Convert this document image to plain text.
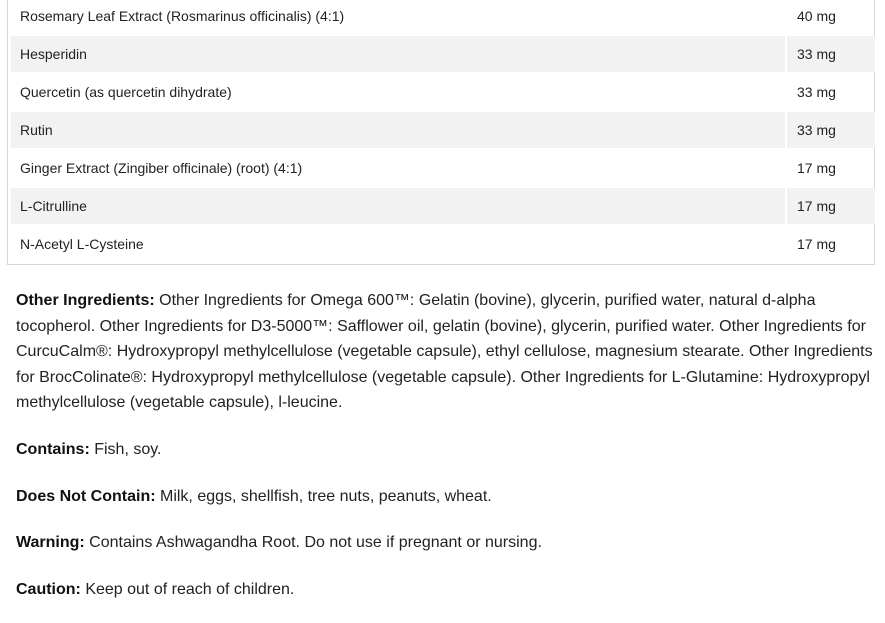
Rosemary Leaf Extract (Rosmarinus officinalis) (4:1)	40 mg
Hesperidin	33 mg
Quercetin (as quercetin dihydrate)	33 mg
Rutin	33 mg
Ginger Extract (Zingiber officinale) (root) (4:1)	17 mg
L-Citrulline	17 mg
N-Acetyl L-Cysteine	17 mg

Other Ingredients: Other Ingredients for Omega 600™: Gelatin (bovine), glycerin, purified water, natural d-alpha tocopherol. Other Ingredients for D3-5000™: Safflower oil, gelatin (bovine), glycerin, purified water. Other Ingredients for CurcuCalm®: Hydroxypropyl methylcellulose (vegetable capsule), ethyl cellulose, magnesium stearate. Other Ingredients for BrocColinate®: Hydroxypropyl methylcellulose (vegetable capsule). Other Ingredients for L-Glutamine: Hydroxypropyl methylcellulose (vegetable capsule), l-leucine.

Contains: Fish, soy.

Does Not Contain: Milk, eggs, shellfish, tree nuts, peanuts, wheat.

Warning: Contains Ashwagandha Root. Do not use if pregnant or nursing.

Caution: Keep out of reach of children.
